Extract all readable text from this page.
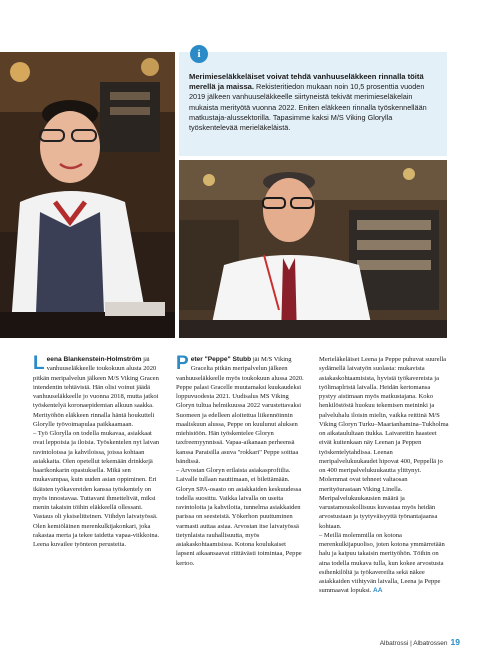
Merimieseläkkeläiset voivat tehdä vanhuuseläkkeen rinnalla töitä merellä ja maissa. Rekisteritiedon mukaan noin 10,5 prosenttia vuoden 2019 jälkeen vanhuuseläkkeelle siirtyneistä tekivät merimieseläkelain mukaista merityötä vuonna 2022. Eniten eläkkeen rinnalla työskennellään matkustaja-alussektorilla. Tapasimme kaksi M/S Viking Glorylla työskentelevää merieläkeläistä.
i

Leena Blankenstein-Holmström jäi vanhuuseläkkeelle toukokuun alusta 2020 pitkän meripalvelun jälkeen M/S Viking Gracen intendentin tehtävistä. Hän olisi voinut jäädä vanhuuseläkkeelle jo vuonna 2018, mutta jatkoi työskentelyä koronaepidemian alkuun saakka. Merityöhön eläkkeen rinnalla häntä houkutteli Gloryllе työvoimapulaa paikkaamaan.

– Työ Glorylla on todella mukavaa, asiakkaat ovat leppoisia ja iloisia. Työskentelen nyt laivan ravintoloissa ja kahviloissa, joissa kohtaan asiakkaita. Olen opetellut tekemään drinkkejä baarikonkarin opastuksella. Mikä sen mukavampaa, kuin uuden asian oppiminen. Eri ikäisten työkavereiden kanssa työskentely on myös innostavaa. Tuttavani ihmettelivät, miksi menin takaisin töihin eläkkeellä ollessani. Vastaus oli yksiselitteinen. Viihdyn laivatyössä. Olen kemiöläinen merenkulkijakonkari, joka rakastaa merta ja tekee taidetta vapaa-viikkoina. Leena kuvailee työnteon perusteita.

Peter "Peppe" Stubb jäi M/S Viking Gracelta pitkän meripalvelun jälkeen vanhuuseläkkeelle myös toukokuun alussa 2020. Peppe palasi Gracelle muutamaksi kuukaudeksi loppuvuodesta 2021. Uudisalus MS Viking Gloryn tultua helmikuussa 2022 varustettavaksi Suomeen ja edelleen aloitettua liikennöinnin maaliskuun alussa, Peppe on kuulunut aluksen miehistöön. Hän työskentelee Gloryn taxfreemyynnissä. Vapaa-aikanaan perheensä kanssa Paraisilla asuva "rokkari" Peppe soittaa bändissä.

– Arvostan Gloryn erilaista asiakasprofiilia. Laivalle tullaan nauttimaan, ei bilettämään. Gloryn SPA-osasto on asiakkaiden keskuudessa todella suosittu. Vaikka laivalla on useita ravintoloita ja kahviloita, tunnelma asiakkaiden parissa on seesteistä. Yökerhon puuttuminen varmasti auttaa asiaa. Arvostan itse laivatyössä tietynlaista rauhallisuutta, myös asiakaskohtaamisissa. Kotona koulukaiset lapseni aikaansaavat riittävästi toimintaa, Peppe kertoo.

Merieläkeläiset Leena ja Peppe puhuvat suurella sydämellä laivatyön suolasta: mukavista asiakaskohtaamisista, hyvistä työkavereista ja työlimaplristä laivalla. Heidän kertomansa pystyy aistimaan myös matkustajana. Koko henkilöstöstä huokuu tekemisen meininki ja palveluhalu iloisin mielin, vaikka reittinä M/S Viking Gloryn Turku–Maarianhamina–Tukholma on aikataulultaan tiukka. Laivareitin haasteet eivät kuitenkaan näy Leenan ja Peppen työskentelytahdissa. Leenan meripalvelukuukaudet hipovat 400, Peppellä jo on 400 meripalvelukuukautta ylittynyt. Molemmat ovat tehneet valtaosan merityöurastaan Viking Linella. Meripalvelukuukausien määrä ja varustamouskollisuus kuvastaa myös heidän arvostustaan ja tyytyväisyyttä työnantajaansa kohtaan.

– Meillä molemmilla on kotona merenkulkijapuoliso, joten kotona ymmärretään halu ja kaipuu takaisin merityöhön. Töihin on aina todella mukava tulla, kun kokee arvostusta esihenkilöltä ja työkavereilta sekä näkee asiakkaiden viihtyvän laivalla, Leena ja Peppe summaavat lopuksi. AA

Albatrossi | Albatrossen 19
